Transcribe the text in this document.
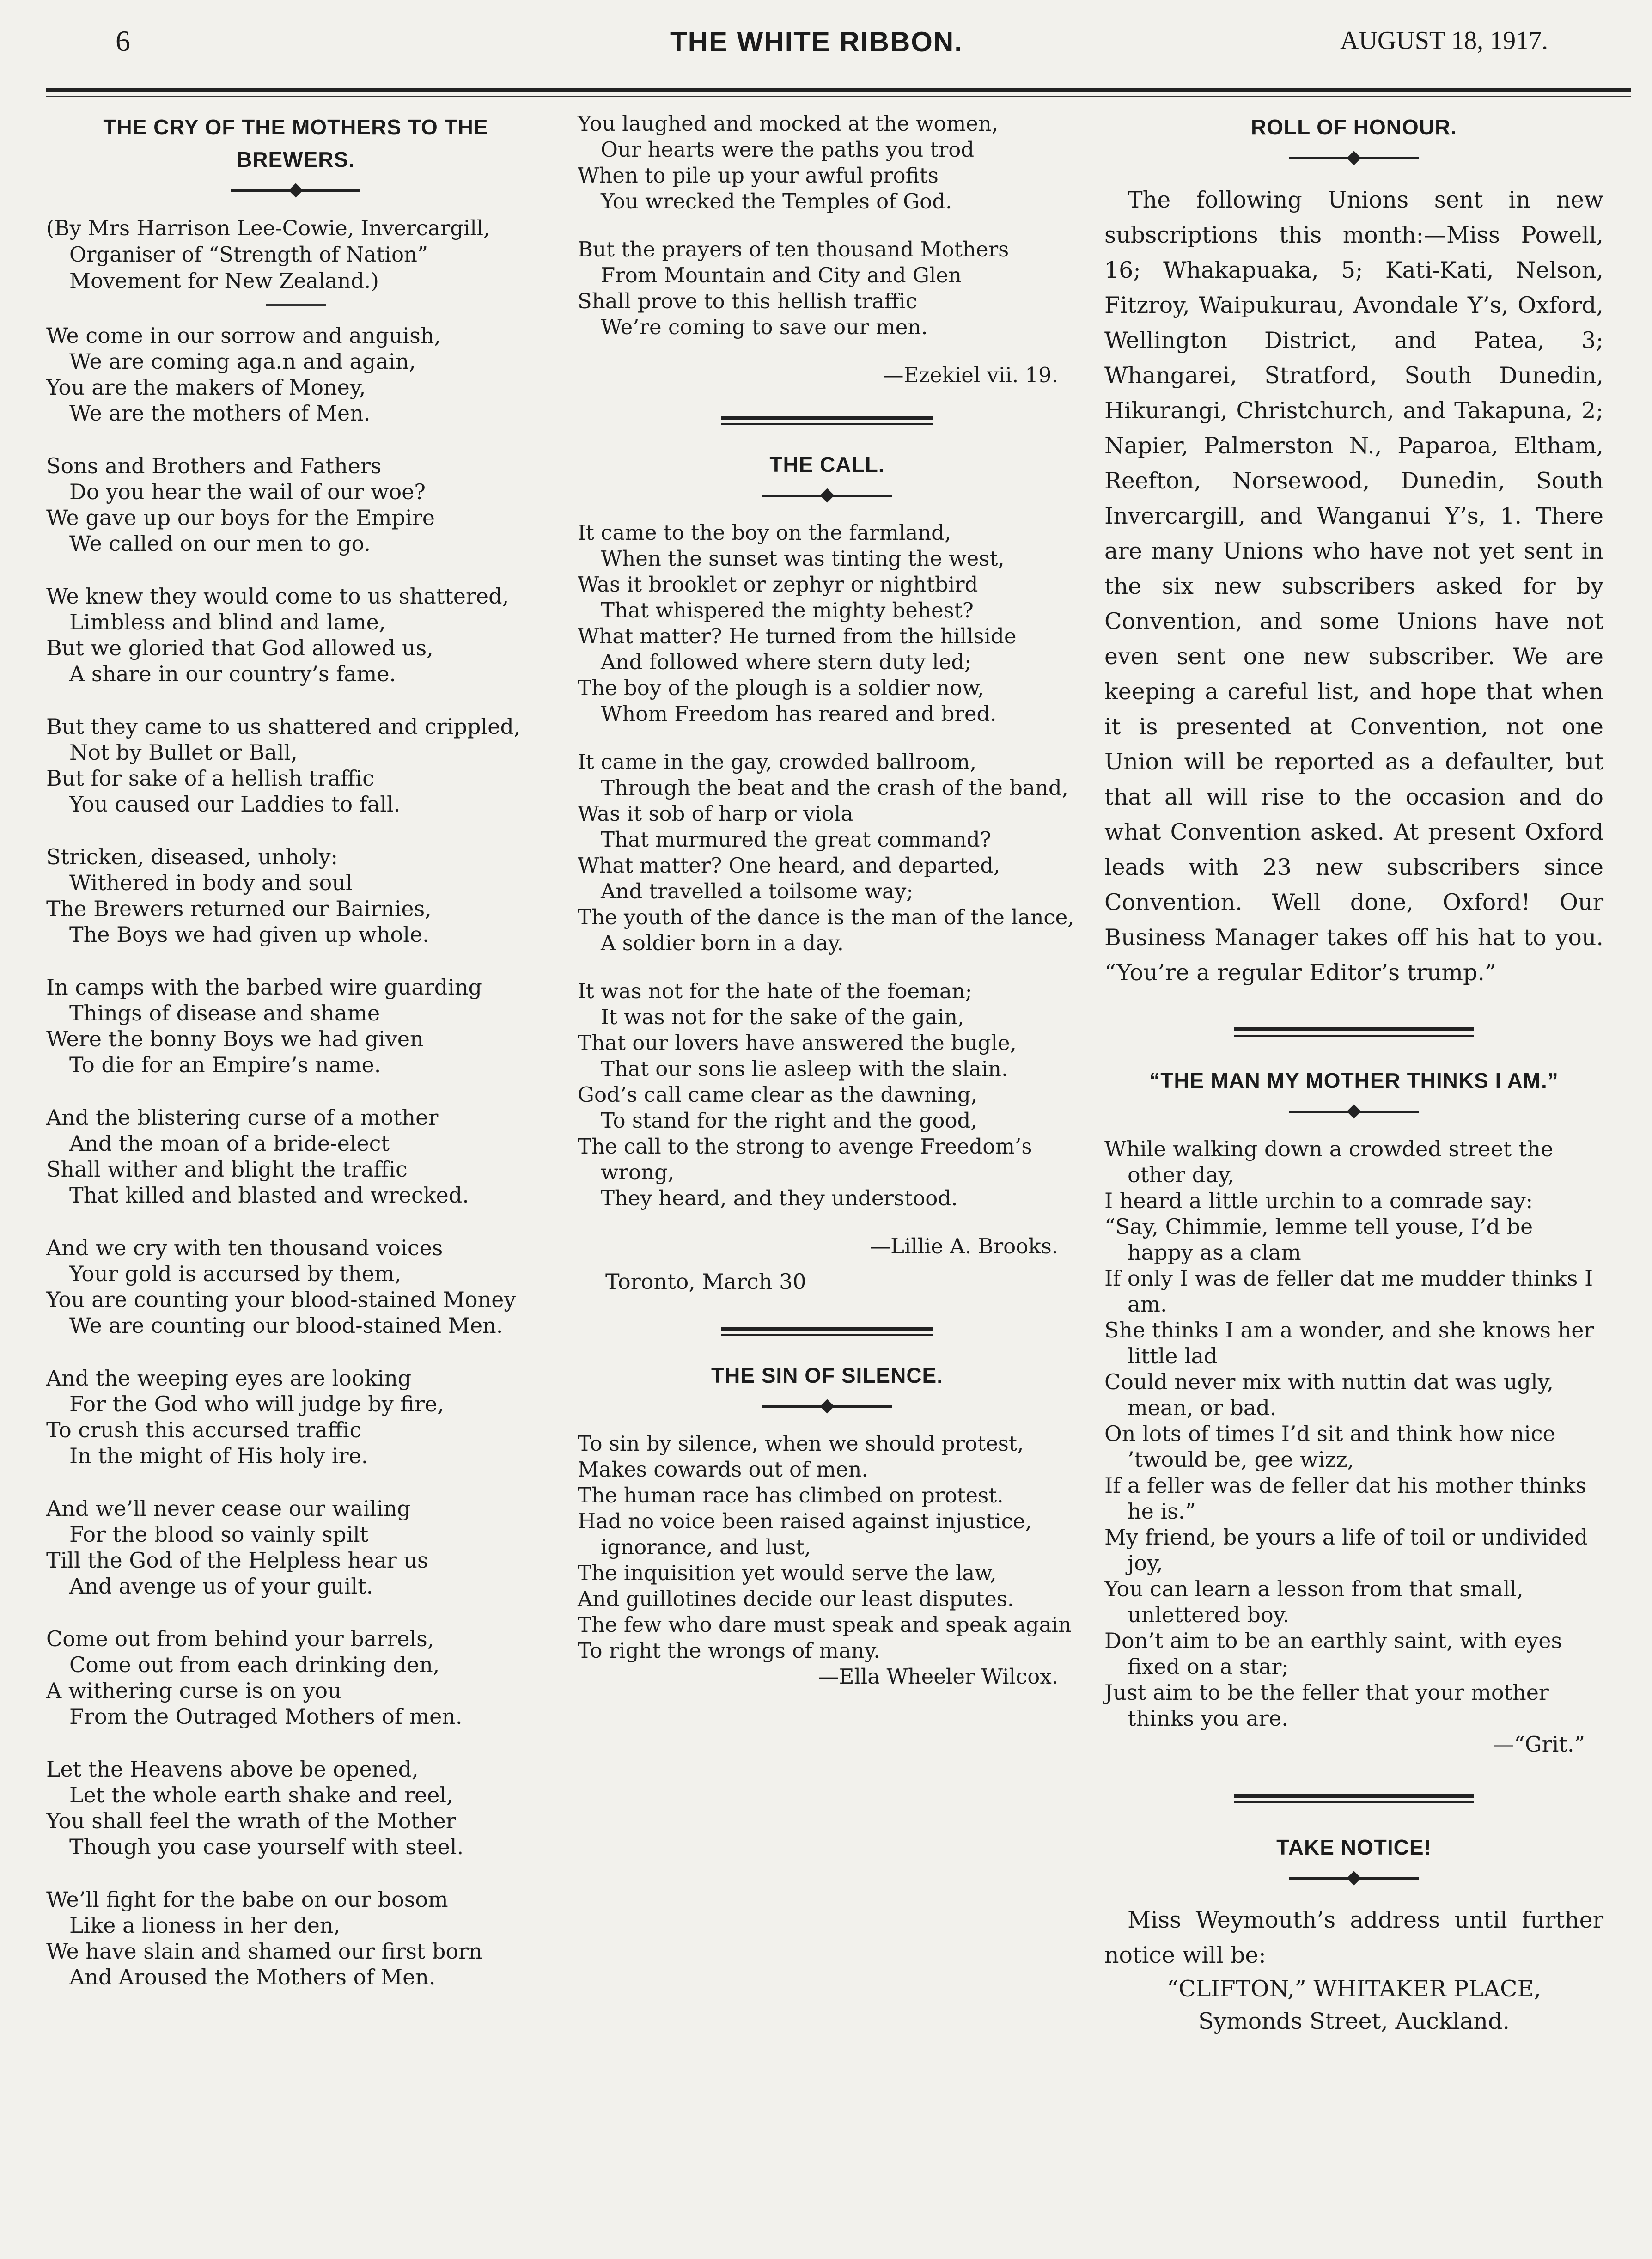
6	THE WHITE RIBBON.	AUGUST 18, 1917.
THE CRY OF THE MOTHERS TO THE BREWERS.

(By Mrs Harrison Lee-Cowie, Invercargill, Organiser of “Strength of Nation” Movement for New Zealand.)

We come in our sorrow and anguish,
We are coming aga.n and again,
You are the makers of Money,
We are the mothers of Men.
Sons and Brothers and Fathers
Do you hear the wail of our woe?
We gave up our boys for the Empire
We called on our men to go.
We knew they would come to us shattered,
Limbless and blind and lame,
But we gloried that God allowed us,
A share in our country’s fame.
But they came to us shattered and crippled,
Not by Bullet or Ball,
But for sake of a hellish traffic
You caused our Laddies to fall.
Stricken, diseased, unholy:
Withered in body and soul
The Brewers returned our Bairnies,
The Boys we had given up whole.
In camps with the barbed wire guarding
Things of disease and shame
Were the bonny Boys we had given
To die for an Empire’s name.
And the blistering curse of a mother
And the moan of a bride-elect
Shall wither and blight the traffic
That killed and blasted and wrecked.
And we cry with ten thousand voices
Your gold is accursed by them,
You are counting your blood-stained Money
We are counting our blood-stained Men.
And the weeping eyes are looking
For the God who will judge by fire,
To crush this accursed traffic
In the might of His holy ire.
And we’ll never cease our wailing
For the blood so vainly spilt
Till the God of the Helpless hear us
And avenge us of your guilt.
Come out from behind your barrels,
Come out from each drinking den,
A withering curse is on you
From the Outraged Mothers of men.
Let the Heavens above be opened,
Let the whole earth shake and reel,
You shall feel the wrath of the Mother
Though you case yourself with steel.
We’ll fight for the babe on our bosom
Like a lioness in her den,
We have slain and shamed our first born
And Aroused the Mothers of Men.
You laughed and mocked at the women,
Our hearts were the paths you trod
When to pile up your awful profits
You wrecked the Temples of God.
But the prayers of ten thousand Mothers
From Mountain and City and Glen
Shall prove to this hellish traffic
We’re coming to save our men.
—Ezekiel vii. 19.
THE CALL.
It came to the boy on the farmland,
When the sunset was tinting the west,
Was it brooklet or zephyr or nightbird
That whispered the mighty behest?
What matter? He turned from the hillside
And followed where stern duty led;
The boy of the plough is a soldier now,
Whom Freedom has reared and bred.
It came in the gay, crowded ballroom,
Through the beat and the crash of the band,
Was it sob of harp or viola
That murmured the great command?
What matter? One heard, and departed,
And travelled a toilsome way;
The youth of the dance is the man of the lance,
A soldier born in a day.
It was not for the hate of the foeman;
It was not for the sake of the gain,
That our lovers have answered the bugle,
That our sons lie asleep with the slain.
God’s call came clear as the dawning,
To stand for the right and the good,
The call to the strong to avenge Freedom’s wrong,
They heard, and they understood.
—Lillie A. Brooks.
Toronto, March 30
THE SIN OF SILENCE.
To sin by silence, when we should protest,
Makes cowards out of men.
The human race has climbed on protest.
Had no voice been raised against injustice, ignorance, and lust,
The inquisition yet would serve the law,
And guillotines decide our least disputes.
The few who dare must speak and speak again
To right the wrongs of many.
—Ella Wheeler Wilcox.
ROLL OF HONOUR.

The following Unions sent in new subscriptions this month:—Miss Powell, 16; Whakapuaka, 5; Kati-Kati, Nelson, Fitzroy, Waipukurau, Avondale Y’s, Oxford, Wellington District, and Patea, 3; Whangarei, Stratford, South Dunedin, Hikurangi, Christchurch, and Takapuna, 2; Napier, Palmerston N., Paparoa, Eltham, Reefton, Norsewood, Dunedin, South Invercargill, and Wanganui Y’s, 1. There are many Unions who have not yet sent in the six new subscribers asked for by Convention, and some Unions have not even sent one new subscriber. We are keeping a careful list, and hope that when it is presented at Convention, not one Union will be reported as a defaulter, but that all will rise to the occasion and do what Convention asked. At present Oxford leads with 23 new subscribers since Convention. Well done, Oxford! Our Business Manager takes off his hat to you. “You’re a regular Editor’s trump.”

“THE MAN MY MOTHER THINKS I AM.”
While walking down a crowded street the other day,
I heard a little urchin to a comrade say:
“Say, Chimmie, lemme tell youse, I’d be happy as a clam
If only I was de feller dat me mudder thinks I am.
She thinks I am a wonder, and she knows her little lad
Could never mix with nuttin dat was ugly, mean, or bad.
On lots of times I’d sit and think how nice ’twould be, gee wizz,
If a feller was de feller dat his mother thinks he is.”
My friend, be yours a life of toil or undivided joy,
You can learn a lesson from that small, unlettered boy.
Don’t aim to be an earthly saint, with eyes fixed on a star;
Just aim to be the feller that your mother thinks you are.
—“Grit.”
TAKE NOTICE!

Miss Weymouth’s address until further notice will be:

“CLIFTON,” WHITAKER PLACE,
Symonds Street, Auckland.
